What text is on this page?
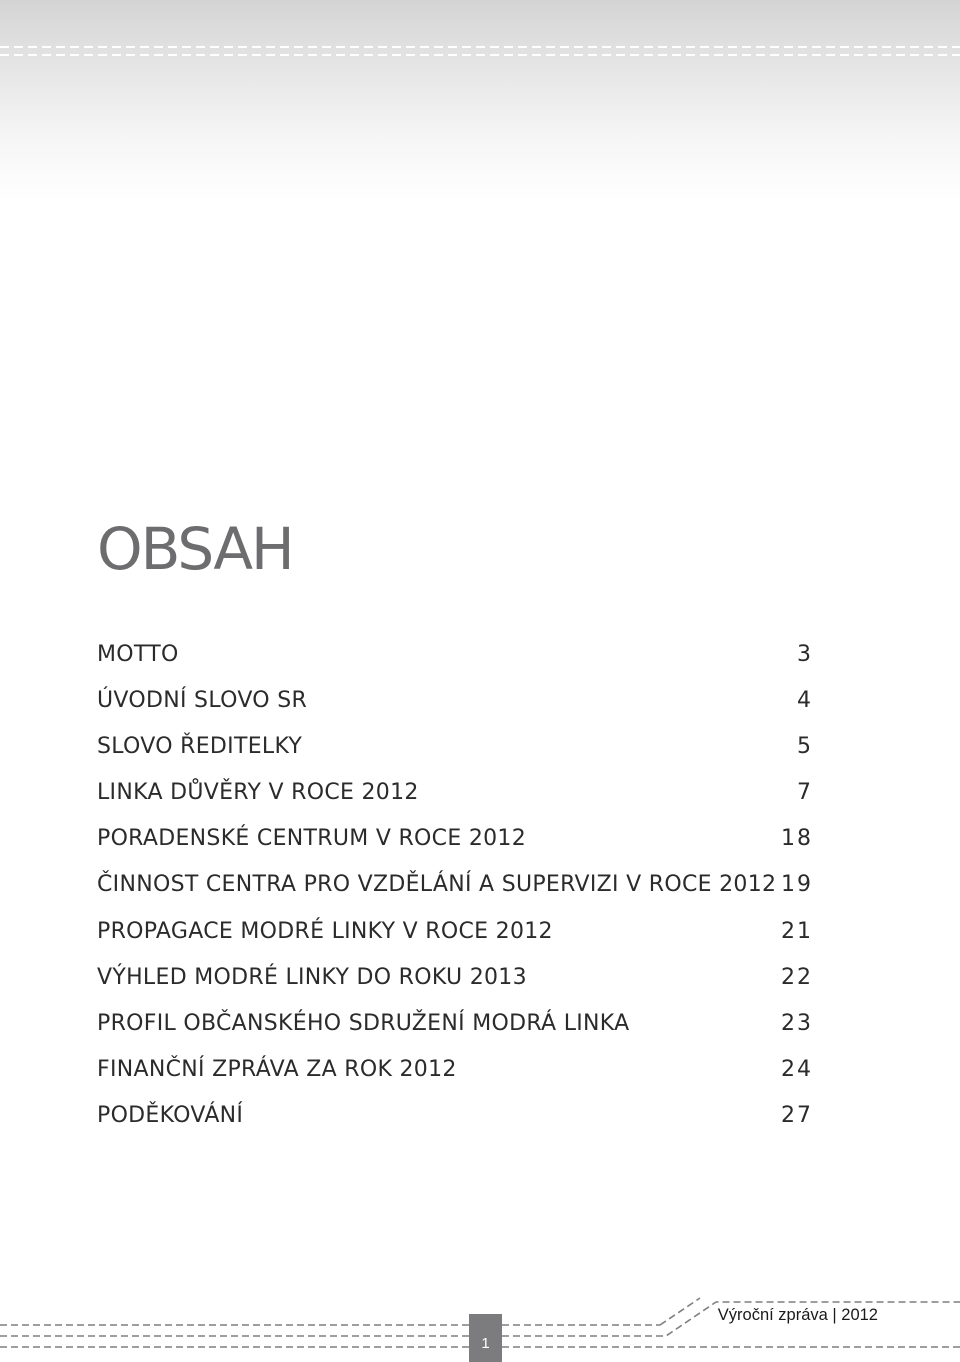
OBSAH
MOTTO	3
ÚVODNÍ SLOVO SR	4
SLOVO ŘEDITELKY	5
LINKA DŮVĚRY V ROCE 2012	7
PORADENSKÉ CENTRUM V ROCE 2012	18
ČINNOST CENTRA PRO VZDĚLÁNÍ A SUPERVIZI V ROCE 2012 19
PROPAGACE MODRÉ LINKY V ROCE 2012	21
VÝHLED MODRÉ LINKY DO ROKU 2013	22
PROFIL OBČANSKÉHO SDRUŽENÍ MODRÁ LINKA	23
FINANČNÍ ZPRÁVA ZA ROK 2012	24
PODĚKOVÁNÍ	27
Výroční zpráva | 2012
1
